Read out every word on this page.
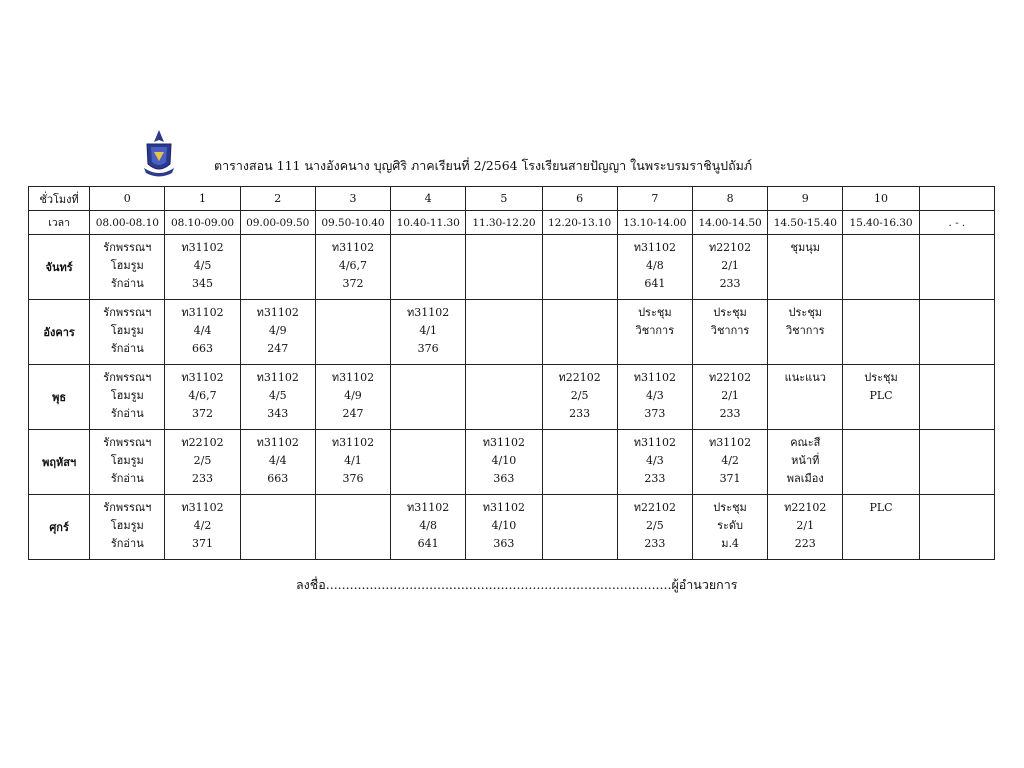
ตารางสอน 111 นางอังคนาง บุญศิริ ภาคเรียนที่ 2/2564 โรงเรียนสายปัญญา ในพระบรมราชินูปถัมภ์
ชั่วโมงที่	0	1	2	3	4	5	6	7	8	9	10	
เวลา	08.00-08.10	08.10-09.00	09.00-09.50	09.50-10.40	10.40-11.30	11.30-12.20	12.20-13.10	13.10-14.00	14.00-14.50	14.50-15.40	15.40-16.30	. - .
จันทร์	รักพรรณฯ
โฮมรูม
รักอ่าน	ท31102
4/5
345		ท31102
4/6,7
372				ท31102
4/8
641	ท22102
2/1
233	ชุมนุม		

อังคาร	รักพรรณฯ
โฮมรูม
รักอ่าน	ท31102
4/4
663	ท31102
4/9
247		ท31102
4/1
376			ประชุม
วิชาการ	ประชุม
วิชาการ	ประชุม
วิชาการ		

พุธ	รักพรรณฯ
โฮมรูม
รักอ่าน	ท31102
4/6,7
372	ท31102
4/5
343	ท31102
4/9
247			ท22102
2/5
233	ท31102
4/3
373	ท22102
2/1
233	แนะแนว	ประชุม
PLC	

พฤหัสฯ	รักพรรณฯ
โฮมรูม
รักอ่าน	ท22102
2/5
233	ท31102
4/4
663	ท31102
4/1
376		ท31102
4/10
363		ท31102
4/3
233	ท31102
4/2
371	คณะสี
หน้าที่
พลเมือง		

ศุกร์	รักพรรณฯ
โฮมรูม
รักอ่าน	ท31102
4/2
371			ท31102
4/8
641	ท31102
4/10
363		ท22102
2/5
233	ประชุม
ระดับ
ม.4	ท22102
2/1
223	PLC	

ลงชื่อ.......................................................................................ผู้อำนวยการ
